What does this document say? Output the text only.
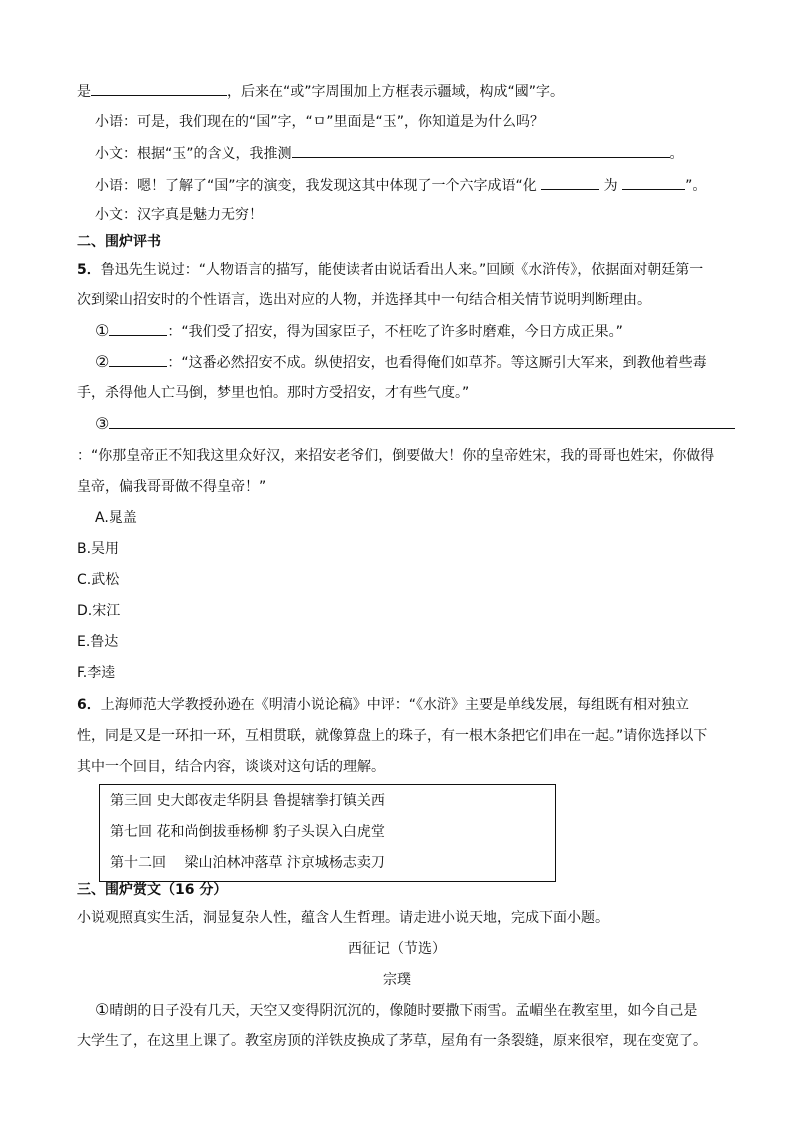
是	，后来在“或”字周围加上方框表示疆域，构成“國”字。
小语：可是，我们现在的“国”字，“ㅁ”里面是“玉”，你知道是为什么吗？
小文：根据“玉”的含义，我推测	。
小语：嗯！了解了“国”字的演变，我发现这其中体现了一个六字成语“化	为	”。
小文：汉字真是魅力无穷！
二、围炉评书
5．鲁迅先生说过：“人物语言的描写，能使读者由说话看出人来。”回顾《水浒传》，依据面对朝廷第一
次到梁山招安时的个性语言，选出对应的人物，并选择其中一句结合相关情节说明判断理由。
①	：“我们受了招安，得为国家臣子，不枉吃了许多时磨难，今日方成正果。”
②	：“这番必然招安不成。纵使招安，也看得俺们如草芥。等这厮引大军来，到教他着些毒
手，杀得他人亡马倒，梦里也怕。那时方受招安，才有些气度。”
③
：“你那皇帝正不知我这里众好汉，来招安老爷们，倒要做大！你的皇帝姓宋，我的哥哥也姓宋，你做得
皇帝，偏我哥哥做不得皇帝！”
A.晁盖
B.吴用
C.武松
D.宋江
E.鲁达
F.李逵
6．上海师范大学教授孙逊在《明清小说论稿》中评：“《水浒》主要是单线发展，每组既有相对独立
性，同是又是一环扣一环，互相贯联，就像算盘上的珠子，有一根木条把它们串在一起。”请你选择以下
其中一个回目，结合内容，谈谈对这句话的理解。
第三回 史大郎夜走华阴县 鲁提辖拳打镇关西
第七回 花和尚倒拔垂杨柳 豹子头误入白虎堂
第十二回　 梁山泊林冲落草 汴京城杨志卖刀
三、围炉赏文（16 分）
小说观照真实生活，洞显复杂人性，蕴含人生哲理。请走进小说天地，完成下面小题。
西征记（节选）
宗璞
①晴朗的日子没有几天，天空又变得阴沉沉的，像随时要撒下雨雪。孟嵋坐在教室里，如今自己是
大学生了，在这里上课了。教室房顶的洋铁皮换成了茅草，屋角有一条裂缝，原来很窄，现在变宽了。
